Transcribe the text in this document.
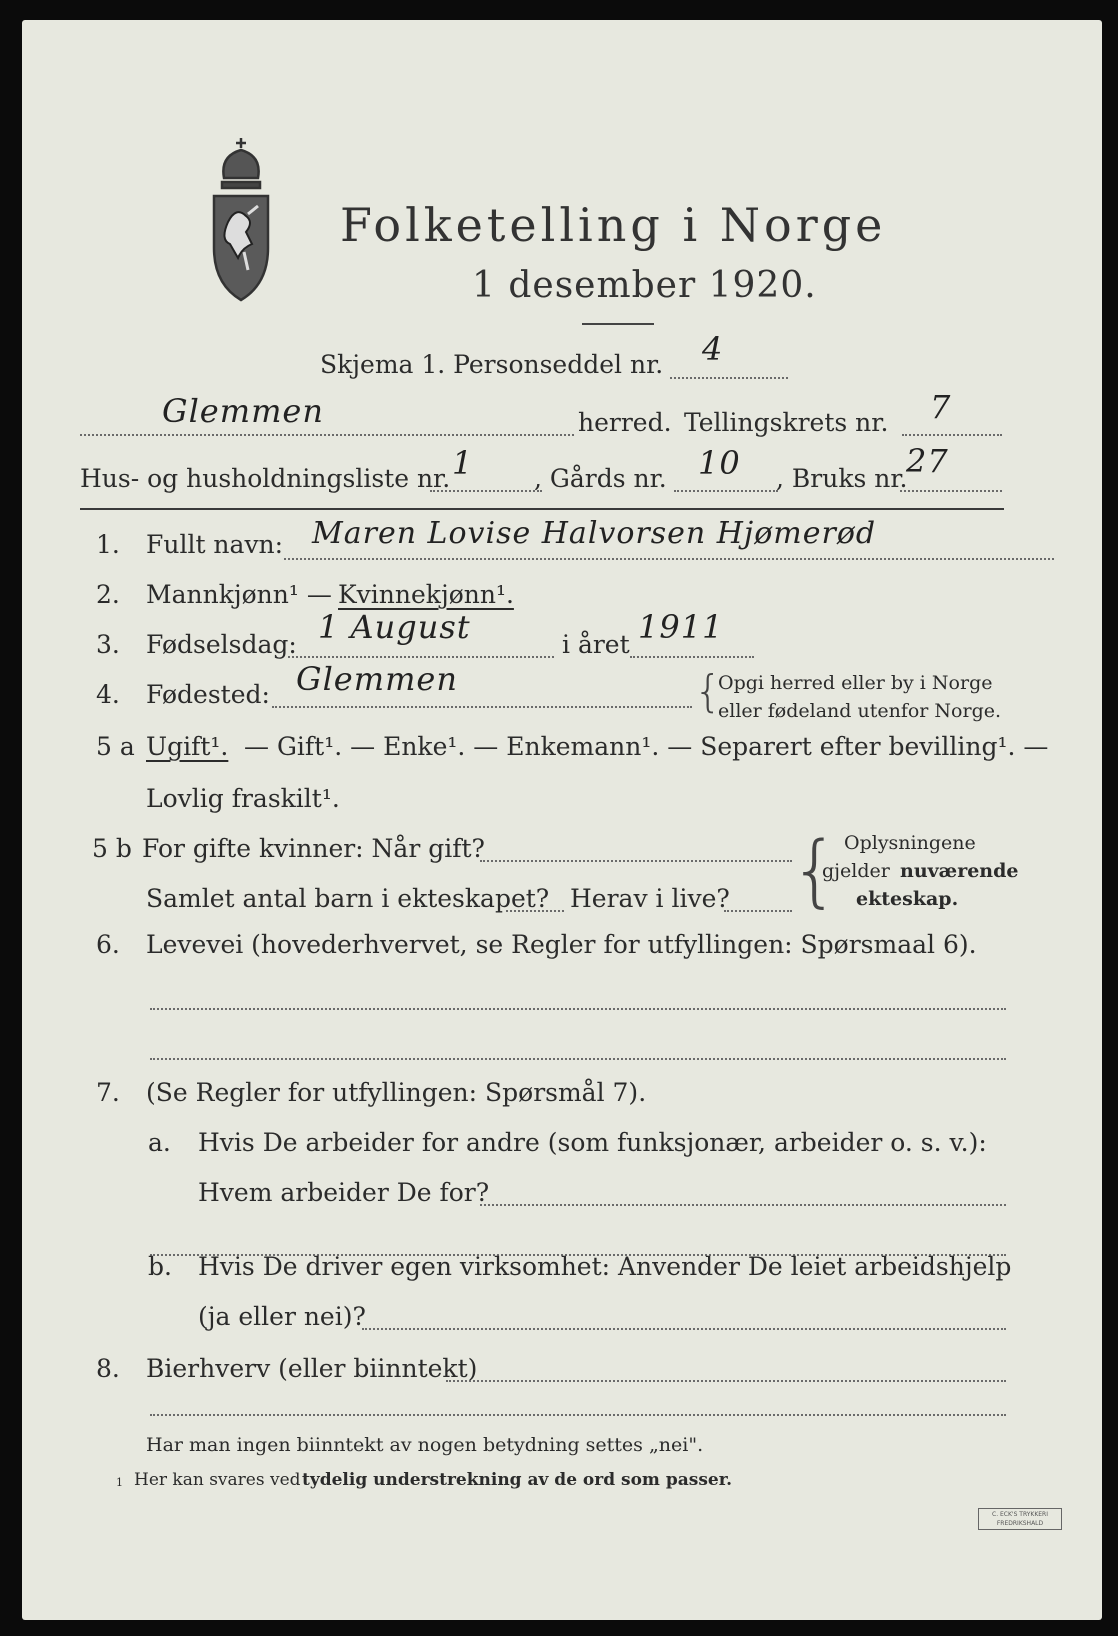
Folketelling i Norge
1 desember 1920.
Skjema 1. Personseddel nr. 4
Glemmen	herred. Tellingskrets nr. 7
Hus- og husholdningsliste nr. 1 , Gårds nr. 10 , Bruks nr.
27
1. Fullt navn: Maren Lovise Halvorsen Hjømerød
2. Mannkjønn¹ — Kvinnekjønn¹.
3. Fødselsdag: 1 August	i året 1911
4. Fødested: Glemmen	{
Opgi herred eller by i Norge
eller fødeland utenfor Norge.
5 a Ugift¹. — Gift¹. — Enke¹. — Enkemann¹. — Separert efter bevilling¹. —
Lovlig fraskilt¹.
5 b For gifte kvinner: Når gift?
Samlet antal barn i ekteskapet? Herav i live? { Oplysningene
gjelder nuværende
ekteskap.
6. Levevei (hovederhvervet, se Regler for utfyllingen: Spørsmaal 6).
7. (Se Regler for utfyllingen: Spørsmål 7).
a. Hvis De arbeider for andre (som funksjonær, arbeider o. s. v.):
Hvem arbeider De for?
b. Hvis De driver egen virksomhet: Anvender De leiet arbeidshjelp
(ja eller nei)?
8. Bierhverv (eller biinntekt)
Har man ingen biinntekt av nogen betydning settes „nei".
1 Her kan svares ved tydelig understrekning av de ord som passer.
C. ECK'S TRYKKERI
FREDRIKSHALD
